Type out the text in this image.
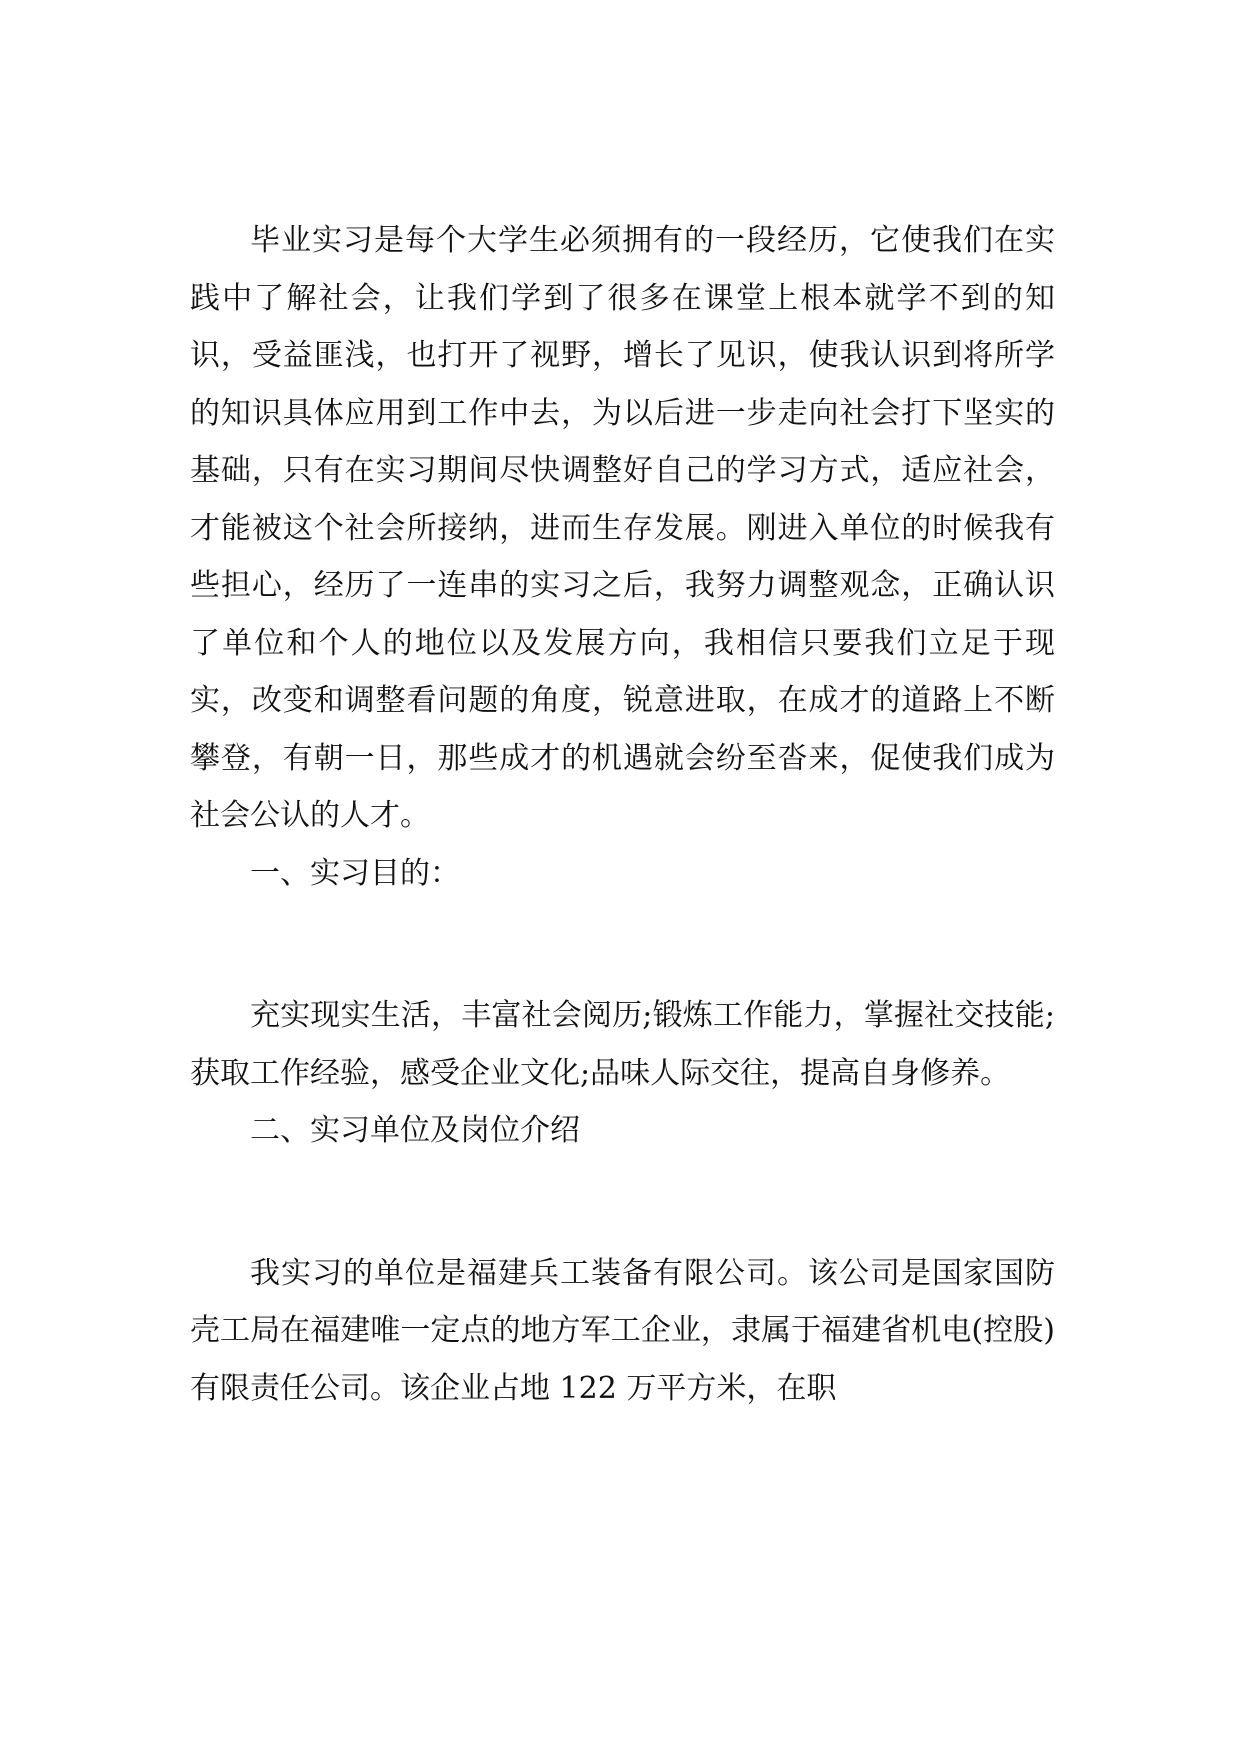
毕业实习是每个大学生必须拥有的一段经历，它使我们在实践中了解社会，让我们学到了很多在课堂上根本就学不到的知识，受益匪浅，也打开了视野，增长了见识，使我认识到将所学的知识具体应用到工作中去，为以后进一步走向社会打下坚实的基础，只有在实习期间尽快调整好自己的学习方式，适应社会，才能被这个社会所接纳，进而生存发展。刚进入单位的时候我有些担心，经历了一连串的实习之后，我努力调整观念，正确认识了单位和个人的地位以及发展方向，我相信只要我们立足于现实，改变和调整看问题的角度，锐意进取，在成才的道路上不断攀登，有朝一日，那些成才的机遇就会纷至沓来，促使我们成为社会公认的人才。

一、实习目的：

充实现实生活，丰富社会阅历;锻炼工作能力，掌握社交技能;获取工作经验，感受企业文化;品味人际交往，提高自身修养。

二、实习单位及岗位介绍

我实习的单位是福建兵工装备有限公司。该公司是国家国防壳工局在福建唯一定点的地方军工企业，隶属于福建省机电(控股)有限责任公司。该企业占地 122 万平方米，在职
